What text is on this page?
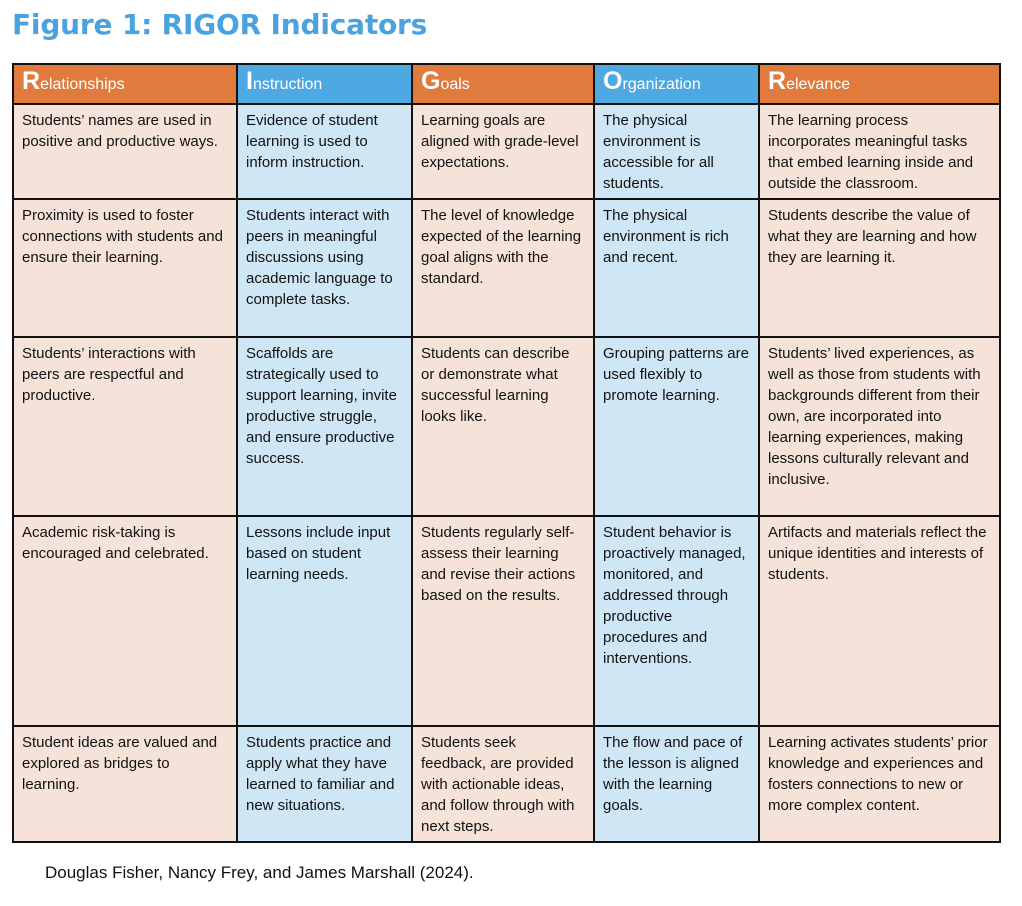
Figure 1: RIGOR Indicators
Relationships	Instruction	Goals	Organization	Relevance
Students’ names are used in positive and productive ways.	Evidence of student learning is used to inform instruction.	Learning goals are aligned with grade-level expectations.	The physical environment is accessible for all students.	The learning process incorporates meaningful tasks that embed learning inside and outside the classroom.
Proximity is used to foster connections with students and ensure their learning.	Students interact with peers in meaningful discussions using academic language to complete tasks.	The level of knowledge expected of the learning goal aligns with the standard.	The physical environment is rich and recent.	Students describe the value of what they are learning and how they are learning it.
Students’ interactions with peers are respectful and productive.	Scaffolds are strategically used to support learning, invite productive struggle, and ensure productive success.	Students can describe or demonstrate what successful learning looks like.	Grouping patterns are used flexibly to promote learning.	Students’ lived experiences, as well as those from students with backgrounds different from their own, are incorporated into learning experiences, making lessons culturally relevant and inclusive.
Academic risk-taking is encouraged and celebrated.	Lessons include input based on student learning needs.	Students regularly self-assess their learning and revise their actions based on the results.	Student behavior is proactively managed, monitored, and addressed through productive procedures and interventions.	Artifacts and materials reflect the unique identities and interests of students.
Student ideas are valued and explored as bridges to learning.	Students practice and apply what they have learned to familiar and new situations.	Students seek feedback, are provided with actionable ideas, and follow through with next steps.	The flow and pace of the lesson is aligned with the learning goals.	Learning activates students’ prior knowledge and experiences and fosters connections to new or more complex content.

Douglas Fisher, Nancy Frey, and James Marshall (2024).
